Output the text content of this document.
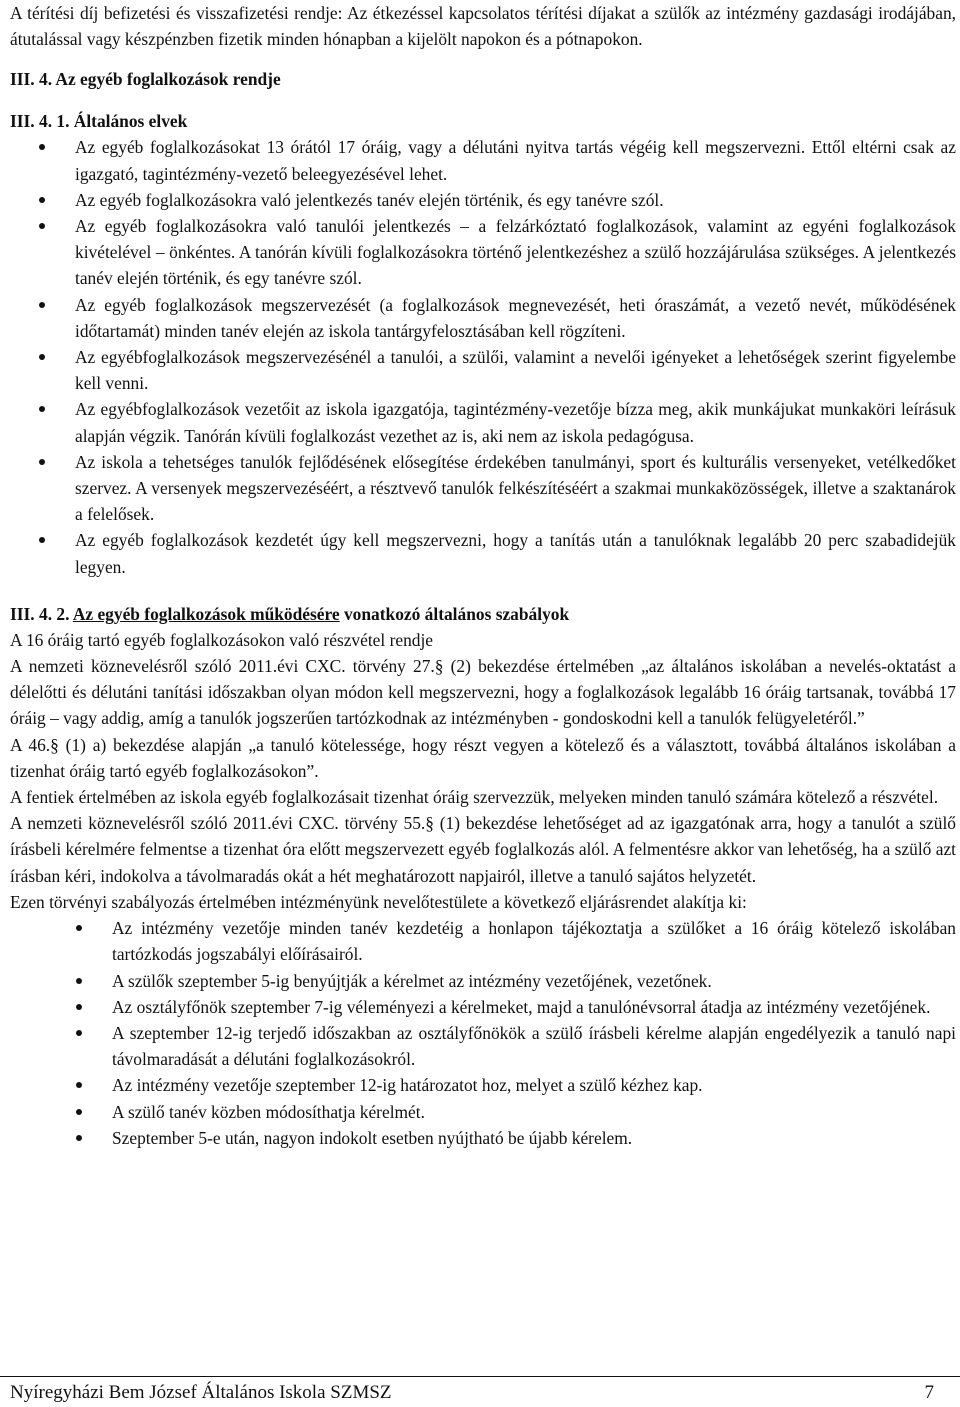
A térítési díj befizetési és visszafizetési rendje: Az étkezéssel kapcsolatos térítési díjakat a szülők az intézmény gazdasági irodájában, átutalással vagy készpénzben fizetik minden hónapban a kijelölt napokon és a pótnapokon.

III. 4. Az egyéb foglalkozások rendje
III. 4. 1. Általános elvek
Az egyéb foglalkozásokat 13 órától 17 óráig, vagy a délutáni nyitva tartás végéig kell megszervezni. Ettől eltérni csak az igazgató, tagintézmény-vezető beleegyezésével lehet.
Az egyéb foglalkozásokra való jelentkezés tanév elején történik, és egy tanévre szól.
Az egyéb foglalkozásokra való tanulói jelentkezés – a felzárkóztató foglalkozások, valamint az egyéni foglalkozások kivételével – önkéntes. A tanórán kívüli foglalkozásokra történő jelentkezéshez a szülő hozzájárulása szükséges. A jelentkezés tanév elején történik, és egy tanévre szól.
Az egyéb foglalkozások megszervezését (a foglalkozások megnevezését, heti óraszámát, a vezető nevét, működésének időtartamát) minden tanév elején az iskola tantárgyfelosztásában kell rögzíteni.
Az egyébfoglalkozások megszervezésénél a tanulói, a szülői, valamint a nevelői igényeket a lehetőségek szerint figyelembe kell venni.
Az egyébfoglalkozások vezetőit az iskola igazgatója, tagintézmény-vezetője bízza meg, akik munkájukat munkaköri leírásuk alapján végzik. Tanórán kívüli foglalkozást vezethet az is, aki nem az iskola pedagógusa.
Az iskola a tehetséges tanulók fejlődésének elősegítése érdekében tanulmányi, sport és kulturális versenyeket, vetélkedőket szervez. A versenyek megszervezéséért, a résztvevő tanulók felkészítéséért a szakmai munkaközösségek, illetve a szaktanárok a felelősek.
Az egyéb foglalkozások kezdetét úgy kell megszervezni, hogy a tanítás után a tanulóknak legalább 20 perc szabadidejük legyen.
III. 4. 2. Az egyéb foglalkozások működésére vonatkozó általános szabályok

A 16 óráig tartó egyéb foglalkozásokon való részvétel rendje

A nemzeti köznevelésről szóló 2011.évi CXC. törvény 27.§ (2) bekezdése értelmében „az általános iskolában a nevelés-oktatást a délelőtti és délutáni tanítási időszakban olyan módon kell megszervezni, hogy a foglalkozások legalább 16 óráig tartsanak, továbbá 17 óráig – vagy addig, amíg a tanulók jogszerűen tartózkodnak az intézményben - gondoskodni kell a tanulók felügyeletéről.”

A 46.§ (1) a) bekezdése alapján „a tanuló kötelessége, hogy részt vegyen a kötelező és a választott, továbbá általános iskolában a tizenhat óráig tartó egyéb foglalkozásokon”.

A fentiek értelmében az iskola egyéb foglalkozásait tizenhat óráig szervezzük, melyeken minden tanuló számára kötelező a részvétel.

A nemzeti köznevelésről szóló 2011.évi CXC. törvény 55.§ (1) bekezdése lehetőséget ad az igazgatónak arra, hogy a tanulót a szülő írásbeli kérelmére felmentse a tizenhat óra előtt megszervezett egyéb foglalkozás alól. A felmentésre akkor van lehetőség, ha a szülő azt írásban kéri, indokolva a távolmaradás okát a hét meghatározott napjairól, illetve a tanuló sajátos helyzetét.

Ezen törvényi szabályozás értelmében intézményünk nevelőtestülete a következő eljárásrendet alakítja ki:

Az intézmény vezetője minden tanév kezdetéig a honlapon tájékoztatja a szülőket a 16 óráig kötelező iskolában tartózkodás jogszabályi előírásairól.
A szülők szeptember 5-ig benyújtják a kérelmet az intézmény vezetőjének, vezetőnek.
Az osztályfőnök szeptember 7-ig véleményezi a kérelmeket, majd a tanulónévsorral átadja az intézmény vezetőjének.
A szeptember 12-ig terjedő időszakban az osztályfőnökök a szülő írásbeli kérelme alapján engedélyezik a tanuló napi távolmaradását a délutáni foglalkozásokról.
Az intézmény vezetője szeptember 12-ig határozatot hoz, melyet a szülő kézhez kap.
A szülő tanév közben módosíthatja kérelmét.
Szeptember 5-e után, nagyon indokolt esetben nyújtható be újabb kérelem.
Nyíregyházi Bem József Általános Iskola SZMSZ	7
